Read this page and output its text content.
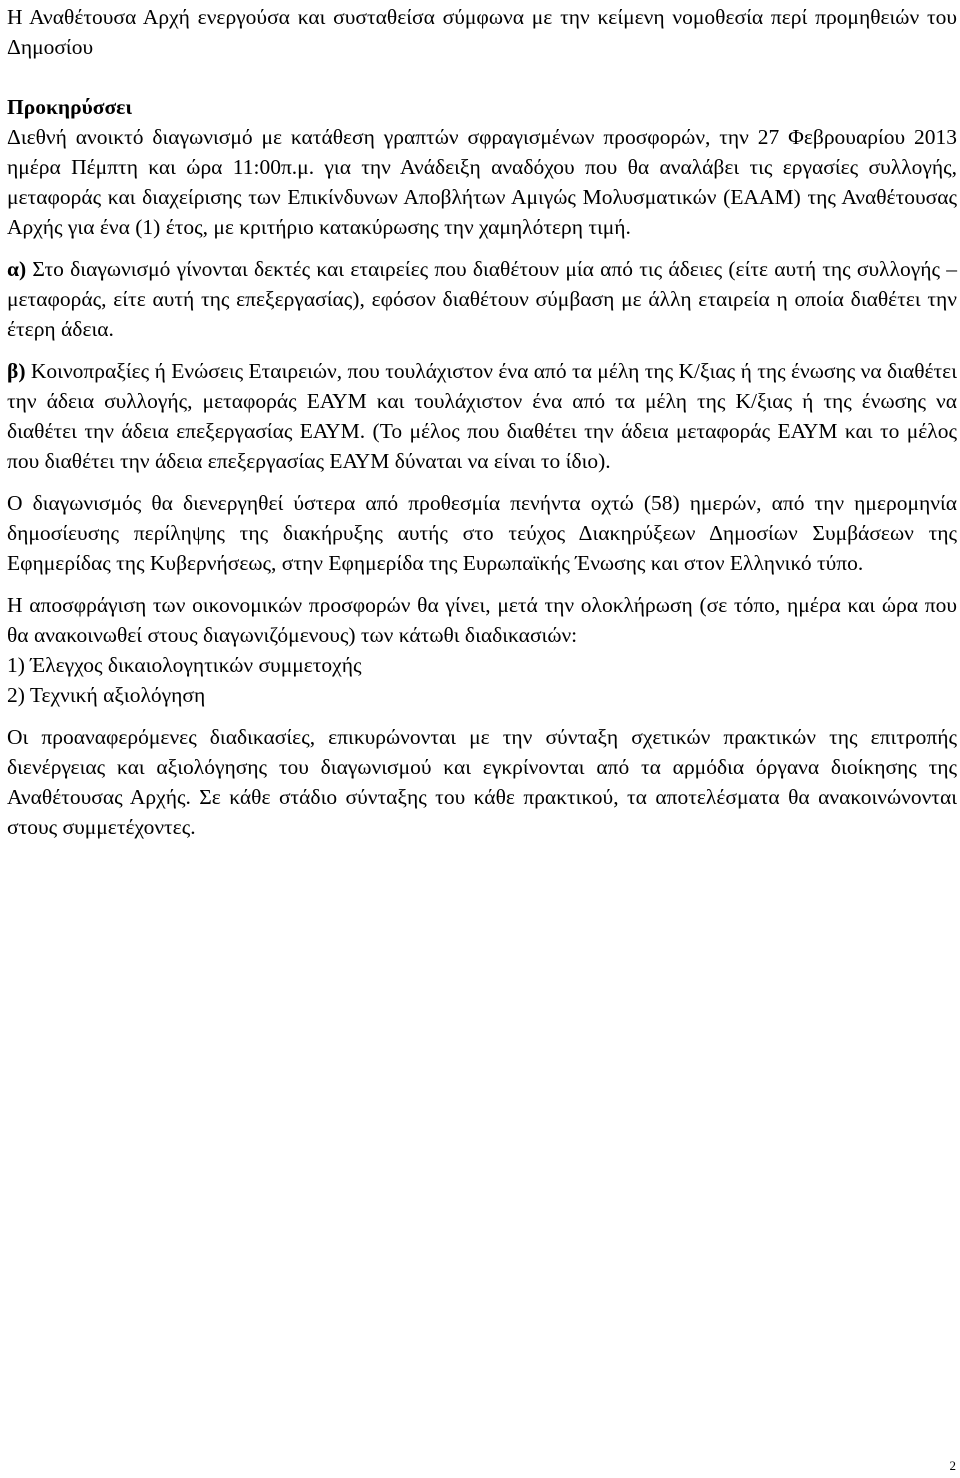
Η Αναθέτουσα Αρχή ενεργούσα και συσταθείσα σύμφωνα με την κείμενη νομοθεσία περί προμηθειών του Δημοσίου

Προκηρύσσει

Διεθνή ανοικτό διαγωνισμό με κατάθεση γραπτών σφραγισμένων προσφορών, την 27 Φεβρουαρίου 2013 ημέρα Πέμπτη και ώρα 11:00π.μ. για την Ανάδειξη αναδόχου που θα αναλάβει τις εργασίες συλλογής, μεταφοράς και διαχείρισης των Επικίνδυνων Αποβλήτων Αμιγώς Μολυσματικών (ΕΑΑΜ) της Αναθέτουσας Αρχής για ένα (1) έτος, με κριτήριο κατακύρωσης την χαμηλότερη τιμή.

α) Στο διαγωνισμό γίνονται δεκτές και εταιρείες που διαθέτουν μία από τις άδειες (είτε αυτή της συλλογής – μεταφοράς, είτε αυτή της επεξεργασίας), εφόσον διαθέτουν σύμβαση με άλλη εταιρεία η οποία διαθέτει την έτερη άδεια.

β) Κοινοπραξίες ή Ενώσεις Εταιρειών, που τουλάχιστον ένα από τα μέλη της Κ/ξιας ή της ένωσης να διαθέτει την άδεια συλλογής, μεταφοράς ΕΑΥΜ και τουλάχιστον ένα από τα μέλη της Κ/ξιας ή της ένωσης να διαθέτει την άδεια επεξεργασίας ΕΑΥΜ. (Το μέλος που διαθέτει την άδεια μεταφοράς ΕΑΥΜ και το μέλος που διαθέτει την άδεια επεξεργασίας ΕΑΥΜ δύναται να είναι το ίδιο).

Ο διαγωνισμός θα διενεργηθεί ύστερα από προθεσμία πενήντα οχτώ (58) ημερών, από την ημερομηνία δημοσίευσης περίληψης της διακήρυξης αυτής στο τεύχος Διακηρύξεων Δημοσίων Συμβάσεων της Εφημερίδας της Κυβερνήσεως, στην Εφημερίδα της Ευρωπαϊκής Ένωσης και στον Ελληνικό τύπο.

Η αποσφράγιση των οικονομικών προσφορών θα γίνει, μετά την ολοκλήρωση (σε τόπο, ημέρα και ώρα που θα ανακοινωθεί στους διαγωνιζόμενους) των κάτωθι διαδικασιών:

1) Έλεγχος δικαιολογητικών συμμετοχής

2) Τεχνική αξιολόγηση

Οι προαναφερόμενες διαδικασίες, επικυρώνονται με την σύνταξη σχετικών πρακτικών της επιτροπής διενέργειας και αξιολόγησης του διαγωνισμού και εγκρίνονται από τα αρμόδια όργανα διοίκησης της Αναθέτουσας Αρχής. Σε κάθε στάδιο σύνταξης του κάθε πρακτικού, τα αποτελέσματα θα ανακοινώνονται στους συμμετέχοντες.

2
